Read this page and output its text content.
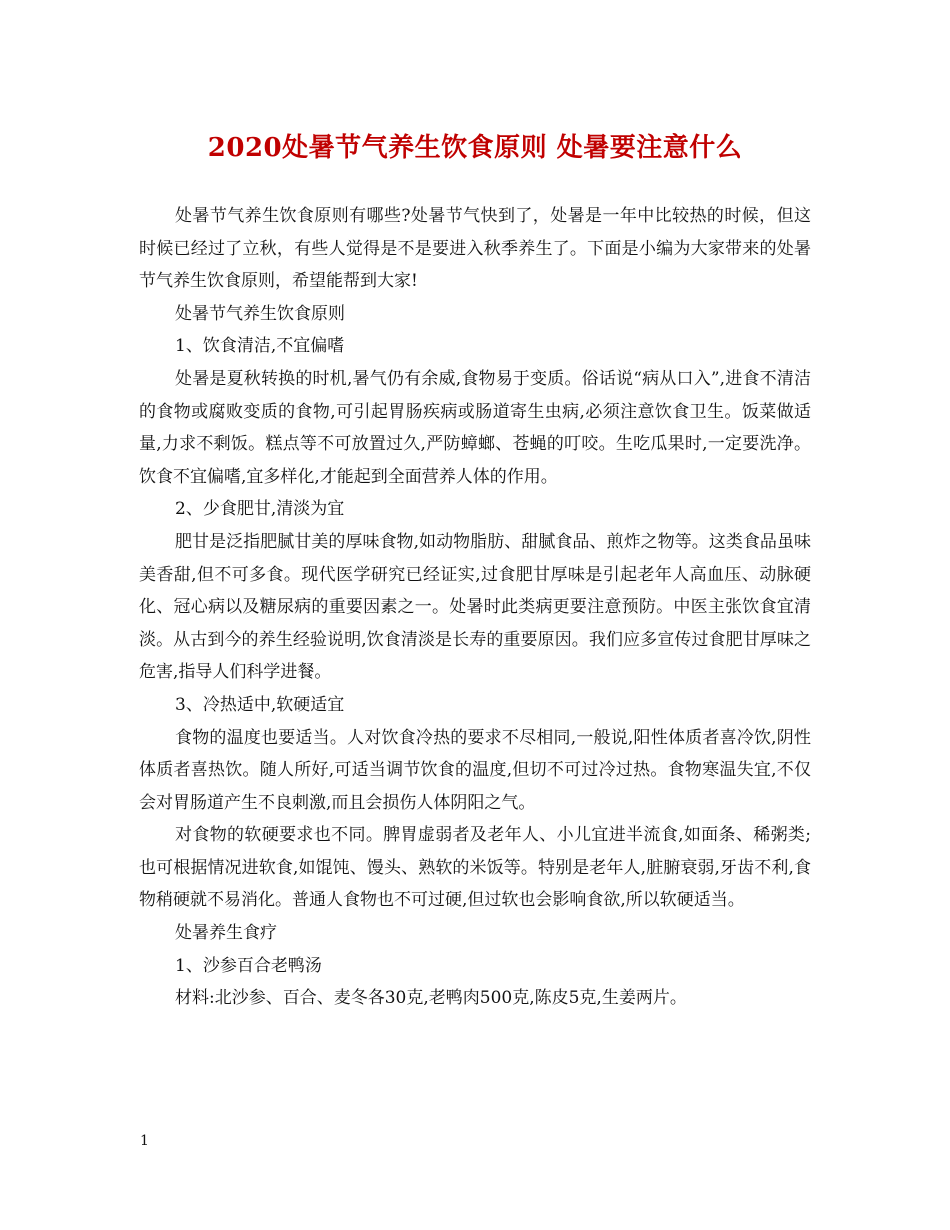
2020处暑节气养生饮食原则 处暑要注意什么

处暑节气养生饮食原则有哪些?处暑节气快到了，处暑是一年中比较热的时候，但这时候已经过了立秋，有些人觉得是不是要进入秋季养生了。下面是小编为大家带来的处暑节气养生饮食原则，希望能帮到大家!

处暑节气养生饮食原则

1、饮食清洁,不宜偏嗜

处暑是夏秋转换的时机,暑气仍有余威,食物易于变质。俗话说“病从口入”,进食不清洁的食物或腐败变质的食物,可引起胃肠疾病或肠道寄生虫病,必须注意饮食卫生。饭菜做适量,力求不剩饭。糕点等不可放置过久,严防蟑螂、苍蝇的叮咬。生吃瓜果时,一定要洗净。饮食不宜偏嗜,宜多样化,才能起到全面营养人体的作用。

2、少食肥甘,清淡为宜

肥甘是泛指肥腻甘美的厚味食物,如动物脂肪、甜腻食品、煎炸之物等。这类食品虽味美香甜,但不可多食。现代医学研究已经证实,过食肥甘厚味是引起老年人高血压、动脉硬化、冠心病以及糖尿病的重要因素之一。处暑时此类病更要注意预防。中医主张饮食宜清淡。从古到今的养生经验说明,饮食清淡是长寿的重要原因。我们应多宣传过食肥甘厚味之危害,指导人们科学进餐。

3、冷热适中,软硬适宜

食物的温度也要适当。人对饮食冷热的要求不尽相同,一般说,阳性体质者喜冷饮,阴性体质者喜热饮。随人所好,可适当调节饮食的温度,但切不可过冷过热。食物寒温失宜,不仅会对胃肠道产生不良刺激,而且会损伤人体阴阳之气。

对食物的软硬要求也不同。脾胃虚弱者及老年人、小儿宜进半流食,如面条、稀粥类;也可根据情况进软食,如馄饨、馒头、熟软的米饭等。特别是老年人,脏腑衰弱,牙齿不利,食物稍硬就不易消化。普通人食物也不可过硬,但过软也会影响食欲,所以软硬适当。

处暑养生食疗

1、沙参百合老鸭汤

材料:北沙参、百合、麦冬各30克,老鸭肉500克,陈皮5克,生姜两片。

1
